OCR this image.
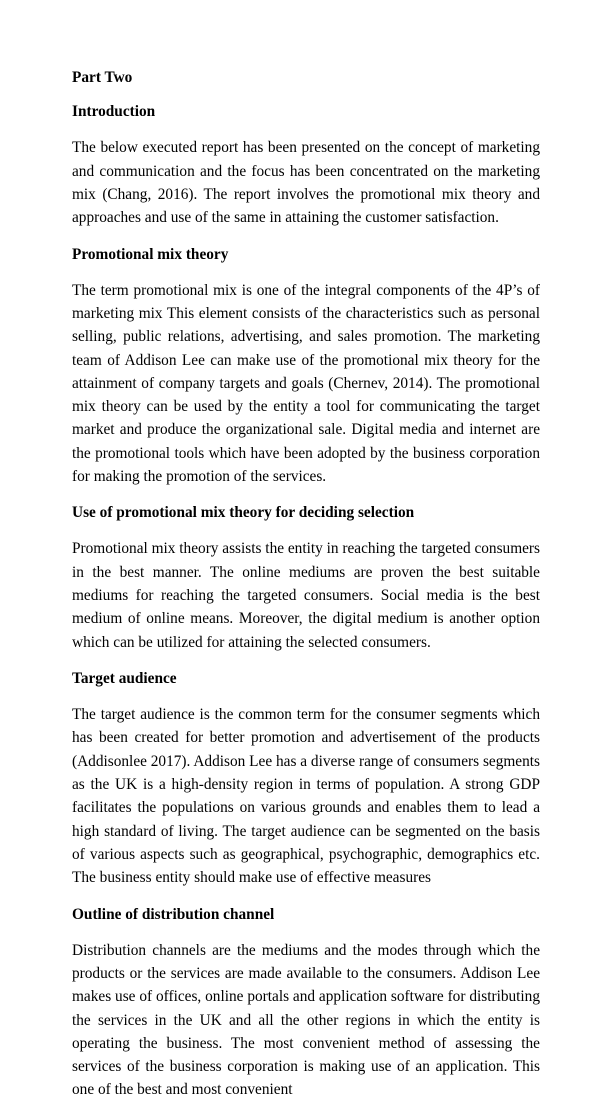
Part Two
Introduction

The below executed report has been presented on the concept of marketing and communication and the focus has been concentrated on the marketing mix (Chang, 2016). The report involves the promotional mix theory and approaches and use of the same in attaining the customer satisfaction.

Promotional mix theory

The term promotional mix is one of the integral components of the 4P’s of marketing mix This element consists of the characteristics such as personal selling, public relations, advertising, and sales promotion. The marketing team of Addison Lee can make use of the promotional mix theory for the attainment of company targets and goals (Chernev, 2014). The promotional mix theory can be used by the entity a tool for communicating the target market and produce the organizational sale. Digital media and internet are the promotional tools which have been adopted by the business corporation for making the promotion of the services.

Use of promotional mix theory for deciding selection

Promotional mix theory assists the entity in reaching the targeted consumers in the best manner. The online mediums are proven the best suitable mediums for reaching the targeted consumers. Social media is the best medium of online means. Moreover, the digital medium is another option which can be utilized for attaining the selected consumers.

Target audience

The target audience is the common term for the consumer segments which has been created for better promotion and advertisement of the products (Addisonlee 2017). Addison Lee has a diverse range of consumers segments as the UK is a high-density region in terms of population. A strong GDP facilitates the populations on various grounds and enables them to lead a high standard of living. The target audience can be segmented on the basis of various aspects such as geographical, psychographic, demographics etc. The business entity should make use of effective measures

Outline of distribution channel

Distribution channels are the mediums and the modes through which the products or the services are made available to the consumers. Addison Lee makes use of offices, online portals and application software for distributing the services in the UK and all the other regions in which the entity is operating the business. The most convenient method of assessing the services of the business corporation is making use of an application. This one of the best and most convenient
